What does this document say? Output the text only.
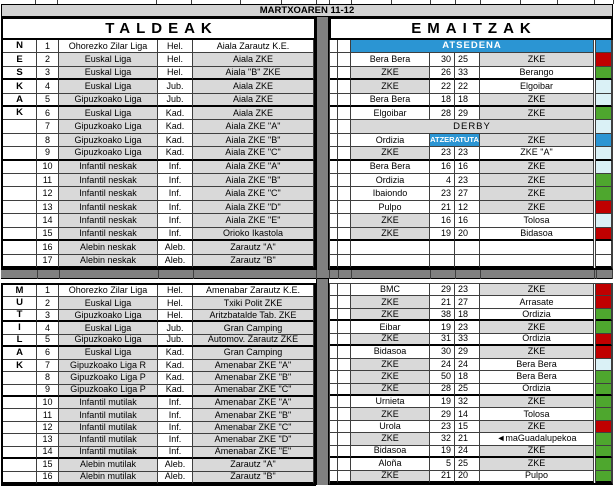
MARTXOAREN 11-12
TALDEAK	EMAITZAK
N	1	Ohorezko Zilar Liga	Hel.	Aiala Zarautz K.E.
E	2	Euskal Liga	Hel.	Aiala ZKE
S	3	Euskal Liga	Hel.	Aiala "B" ZKE
K	4	Euskal Liga	Jub.	Aiala ZKE
A	5	Gipuzkoako Liga	Jub.	Aiala ZKE
K	6	Euskal Liga	Kad.	Aiala ZKE
7	Gipuzkoako Liga	Kad.	Aiala ZKE "A"
8	Gipuzkoako Liga	Kad.	Aiala ZKE "B"
9	Gipuzkoako Liga	Kad.	Aiala ZKE "C"
10	Infantil neskak	Inf.	Aiala ZKE "A"
11	Infantil neskak	Inf.	Aiala ZKE "B"
12	Infantil neskak	Inf.	Aiala ZKE "C"
13	Infantil neskak	Inf.	Aiala ZKE "D"
14	Infantil neskak	Inf.	Aiala ZKE "E"
15	Infantil neskak	Inf.	Orioko Ikastola
16	Alebin neskak	Aleb.	Zarautz "A"
17	Alebin neskak	Aleb.	Zarautz "B"
ATSEDENA
Bera Bera	30 25	ZKE
ZKE	26 33	Berango
ZKE	22 22	Elgoibar
Bera Bera	18 18	ZKE
Elgoibar	28 29	ZKE
DERBY
Ordizia	ATZERATUTA	ZKE
ZKE	23 23	ZKE "A"
Bera Bera	16 16	ZKE
Ordizia	4 23	ZKE
Ibaiondo	23 27	ZKE
Pulpo	21 12	ZKE
ZKE	16 16	Tolosa
ZKE	19 20	Bidasoa
M	1	Ohorezko Zilar Liga	Hel.	Amenabar Zarautz K.E.
U	2	Euskal Liga	Hel.	Txiki Polit ZKE
T	3	Gipuzkoako Liga	Hel.	Aritzbatalde Tab. ZKE
I	4	Euskal Liga	Jub.	Gran Camping
L	5	Gipuzkoako Liga	Jub.	Automov. Zarautz ZKE
A	6	Euskal Liga	Kad.	Gran Camping
K	7	Gipuzkoako Liga R	Kad.	Amenabar ZKE "A"
8	Gipuzkoako Liga P	Kad.	Amenabar ZKE "B"
9	Gipuzkoako Liga P	Kad.	Amenabar ZKE "C"
10	Infantil mutilak	Inf.	Amenabar ZKE "A"
11	Infantil mutilak	Inf.	Amenabar ZKE "B"
12	Infantil mutilak	Inf.	Amenabar ZKE "C"
13	Infantil mutilak	Inf.	Amenabar ZKE "D"
14	Infantil mutilak	Inf.	Amenabar ZKE "E"
15	Alebin mutilak	Aleb.	Zarautz "A"
16	Alebin mutilak	Aleb.	Zarautz "B"
BMC	29 23	ZKE
ZKE	21 27	Arrasate
ZKE	38 18	Ordizia
Eibar	19 23	ZKE
ZKE	31 33	Ordizia
Bidasoa	30 29	ZKE
ZKE	24 24	Bera Bera
ZKE	50 18	Bera Bera
ZKE	28 25	Ordizia
Urnieta	19 32	ZKE
ZKE	29 14	Tolosa
Urola	23 15	ZKE
ZKE	32 21	◄maGuadalupekoa
Bidasoa	19 24	ZKE
Aloña	5 25	ZKE
ZKE	21 20	Pulpo
